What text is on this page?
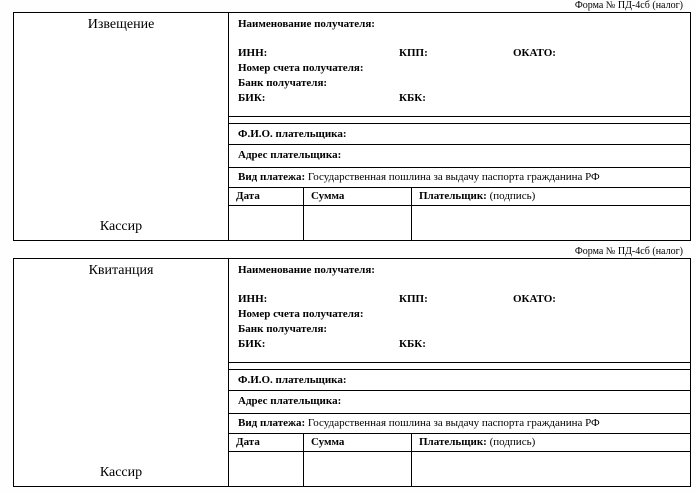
Форма № ПД-4сб (налог)
Извещение
Кассир
Наименование получателя:
ИНН:	КПП:	ОКАТО:
Номер счета получателя:
Банк получателя:
БИК:	КБК:
Ф.И.О. плательщика:
Адрес плательщика:
Вид платежа: Государственная пошлина за выдачу паспорта гражданина РФ
Дата	Сумма	Плательщик: (подпись)
Форма № ПД-4сб (налог)
Квитанция
Кассир
Наименование получателя:
ИНН:	КПП:	ОКАТО:
Номер счета получателя:
Банк получателя:
БИК:	КБК:
Ф.И.О. плательщика:
Адрес плательщика:
Вид платежа: Государственная пошлина за выдачу паспорта гражданина РФ
Дата	Сумма	Плательщик: (подпись)
